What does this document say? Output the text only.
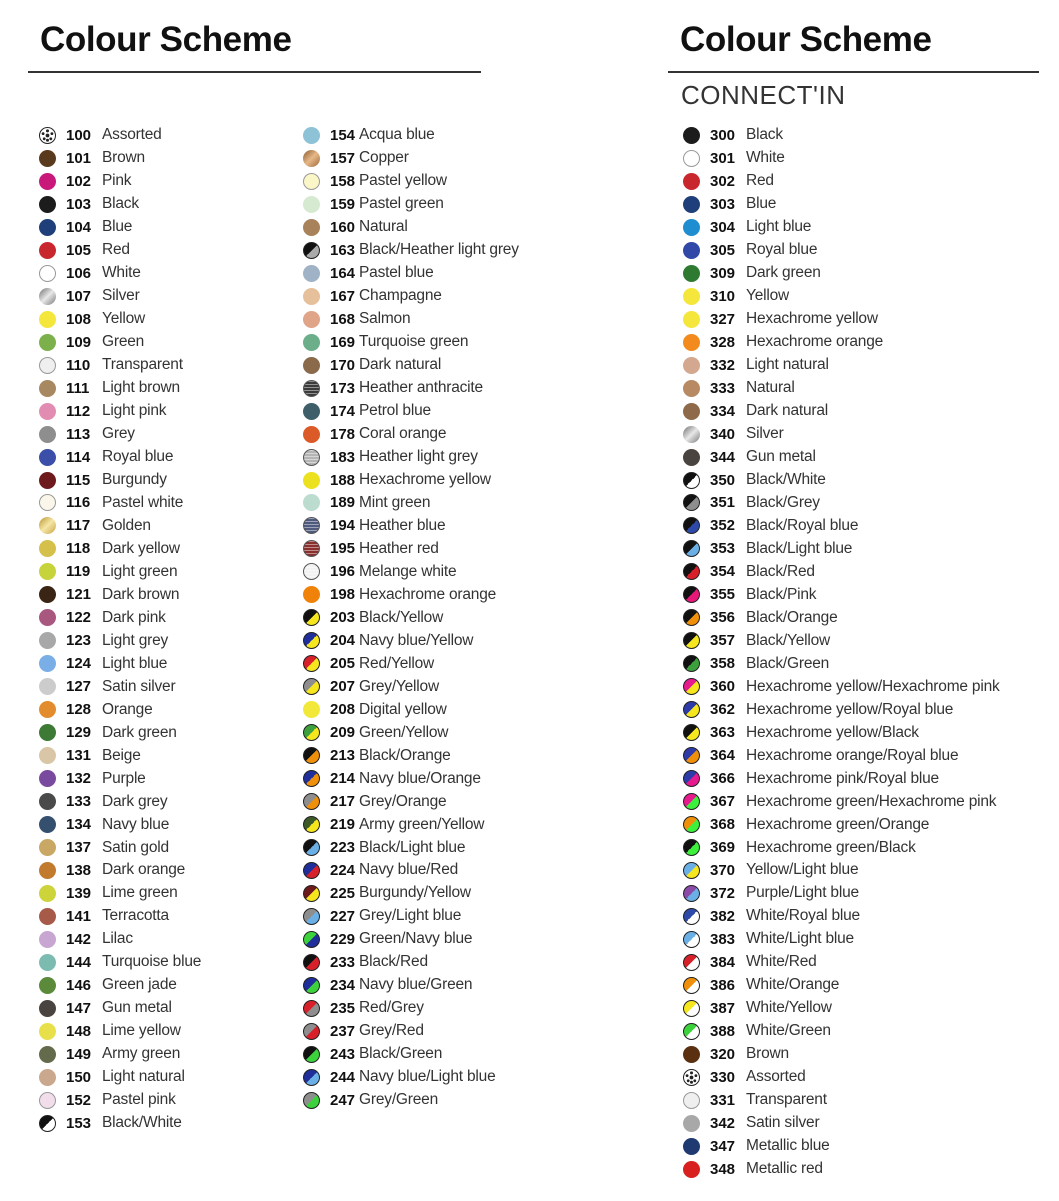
Colour Scheme	Colour Scheme
CONNECT'IN
100 Assorted
101 Brown
102 Pink
103 Black
104 Blue
105 Red
106 White
107 Silver
108 Yellow
109 Green
110 Transparent
111 Light brown
112 Light pink
113 Grey
114 Royal blue
115 Burgundy
116 Pastel white
117 Golden
118 Dark yellow
119 Light green
121 Dark brown
122 Dark pink
123 Light grey
124 Light blue
127 Satin silver
128 Orange
129 Dark green
131 Beige
132 Purple
133 Dark grey
134 Navy blue
137 Satin gold
138 Dark orange
139 Lime green
141 Terracotta
142 Lilac
144 Turquoise blue
146 Green jade
147 Gun metal
148 Lime yellow
149 Army green
150 Light natural
152 Pastel pink
153 Black/White
154 Acqua blue
157 Copper
158 Pastel yellow
159 Pastel green
160 Natural
163 Black/Heather light grey
164 Pastel blue
167 Champagne
168 Salmon
169 Turquoise green
170 Dark natural
173 Heather anthracite
174 Petrol blue
178 Coral orange
183 Heather light grey
188 Hexachrome yellow
189 Mint green
194 Heather blue
195 Heather red
196 Melange white
198 Hexachrome orange
203 Black/Yellow
204 Navy blue/Yellow
205 Red/Yellow
207 Grey/Yellow
208 Digital yellow
209 Green/Yellow
213 Black/Orange
214 Navy blue/Orange
217 Grey/Orange
219 Army green/Yellow
223 Black/Light blue
224 Navy blue/Red
225 Burgundy/Yellow
227 Grey/Light blue
229 Green/Navy blue
233 Black/Red
234 Navy blue/Green
235 Red/Grey
237 Grey/Red
243 Black/Green
244 Navy blue/Light blue
247 Grey/Green
300 Black
301 White
302 Red
303 Blue
304 Light blue
305 Royal blue
309 Dark green
310 Yellow
327 Hexachrome yellow
328 Hexachrome orange
332 Light natural
333 Natural
334 Dark natural
340 Silver
344 Gun metal
350 Black/White
351 Black/Grey
352 Black/Royal blue
353 Black/Light blue
354 Black/Red
355 Black/Pink
356 Black/Orange
357 Black/Yellow
358 Black/Green
360 Hexachrome yellow/Hexachrome pink
362 Hexachrome yellow/Royal blue
363 Hexachrome yellow/Black
364 Hexachrome orange/Royal blue
366 Hexachrome pink/Royal blue
367 Hexachrome green/Hexachrome pink
368 Hexachrome green/Orange
369 Hexachrome green/Black
370 Yellow/Light blue
372 Purple/Light blue
382 White/Royal blue
383 White/Light blue
384 White/Red
386 White/Orange
387 White/Yellow
388 White/Green
320 Brown
330 Assorted
331 Transparent
342 Satin silver
347 Metallic blue
348 Metallic red
